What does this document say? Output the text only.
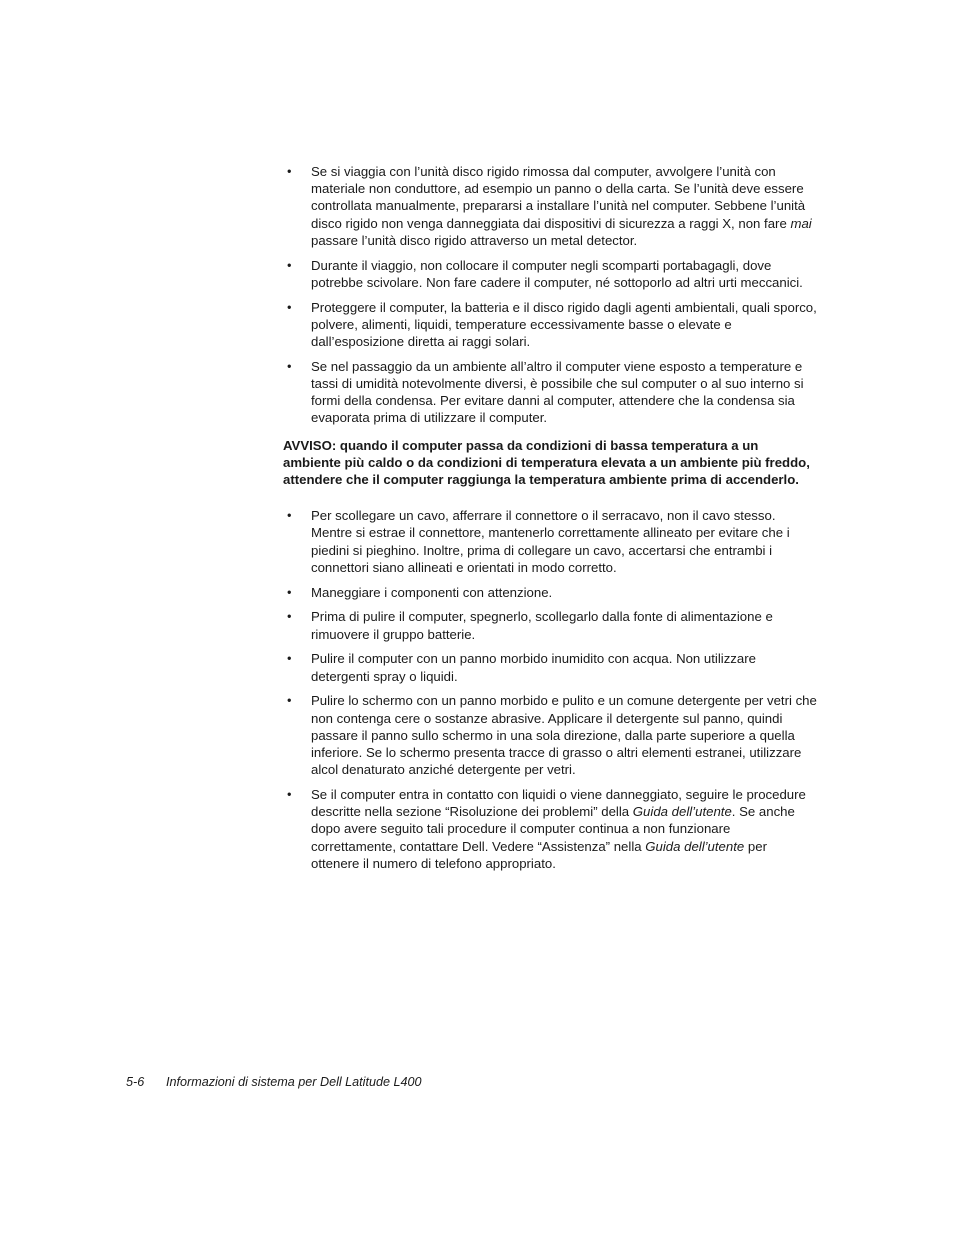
• Se si viaggia con l’unità disco rigido rimossa dal computer, avvolgere l’unità con materiale non conduttore, ad esempio un panno o della carta. Se l’unità deve essere controllata manualmente, prepararsi a installare l’unità nel computer. Sebbene l’unità disco rigido non venga danneggiata dai dispositivi di sicurezza a raggi X, non fare mai passare l’unità disco rigido attraverso un metal detector.
• Durante il viaggio, non collocare il computer negli scomparti portabagagli, dove potrebbe scivolare. Non fare cadere il computer, né sottoporlo ad altri urti meccanici.
• Proteggere il computer, la batteria e il disco rigido dagli agenti ambientali, quali sporco, polvere, alimenti, liquidi, temperature eccessivamente basse o elevate e dall’esposizione diretta ai raggi solari.
• Se nel passaggio da un ambiente all’altro il computer viene esposto a temperature e tassi di umidità notevolmente diversi, è possibile che sul computer o al suo interno si formi della condensa. Per evitare danni al computer, attendere che la condensa sia evaporata prima di utilizzare il computer.

AVVISO: quando il computer passa da condizioni di bassa temperatura a un ambiente più caldo o da condizioni di temperatura elevata a un ambiente più freddo, attendere che il computer raggiunga la temperatura ambiente prima di accenderlo.

• Per scollegare un cavo, afferrare il connettore o il serracavo, non il cavo stesso. Mentre si estrae il connettore, mantenerlo correttamente allineato per evitare che i piedini si pieghino. Inoltre, prima di collegare un cavo, accertarsi che entrambi i connettori siano allineati e orientati in modo corretto.
• Maneggiare i componenti con attenzione.
• Prima di pulire il computer, spegnerlo, scollegarlo dalla fonte di alimentazione e rimuovere il gruppo batterie.
• Pulire il computer con un panno morbido inumidito con acqua. Non utilizzare detergenti spray o liquidi.
• Pulire lo schermo con un panno morbido e pulito e un comune detergente per vetri che non contenga cere o sostanze abrasive. Applicare il detergente sul panno, quindi passare il panno sullo schermo in una sola direzione, dalla parte superiore a quella inferiore. Se lo schermo presenta tracce di grasso o altri elementi estranei, utilizzare alcol denaturato anziché detergente per vetri.
• Se il computer entra in contatto con liquidi o viene danneggiato, seguire le procedure descritte nella sezione “Risoluzione dei problemi” della Guida dell’utente. Se anche dopo avere seguito tali procedure il computer continua a non funzionare correttamente, contattare Dell. Vedere “Assistenza” nella Guida dell’utente per ottenere il numero di telefono appropriato.
5-6 Informazioni di sistema per Dell Latitude L400
